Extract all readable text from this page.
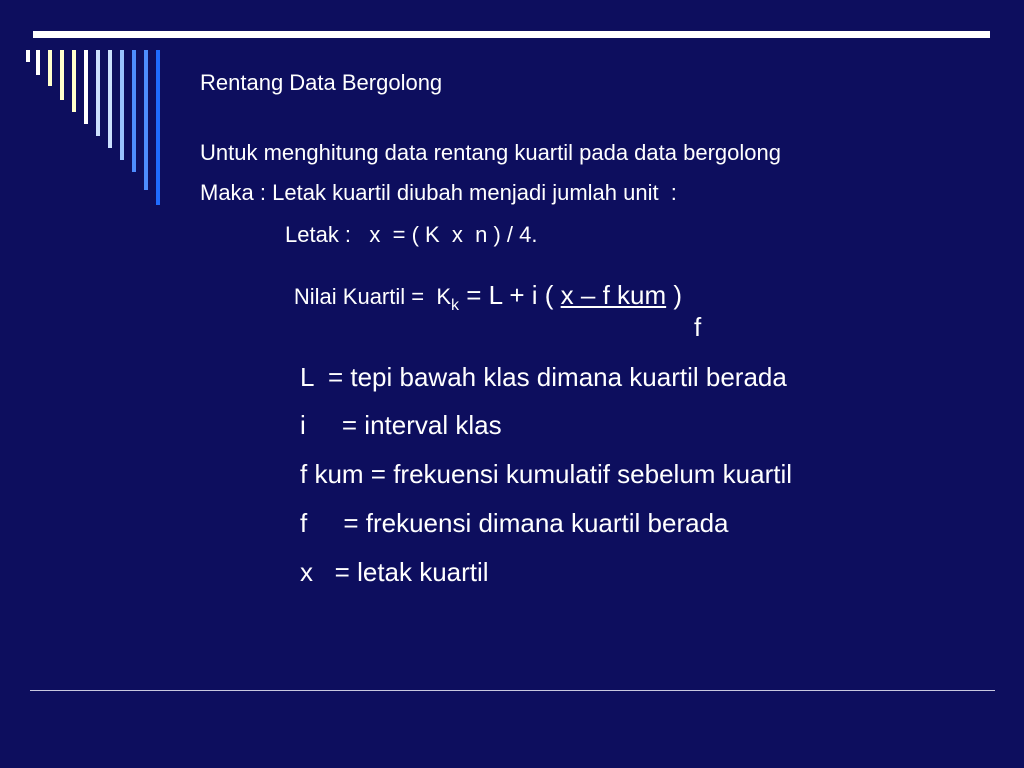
Rentang Data Bergolong
Untuk menghitung data rentang kuartil pada data bergolong
Maka : Letak kuartil diubah menjadi jumlah unit  :
Letak :   x  = ( K  x  n ) / 4.

Nilai Kuartil =  Kk = L + i ( x – f kum )

f
L  = tepi bawah klas dimana kuartil berada
i     = interval klas
f kum = frekuensi kumulatif sebelum kuartil
f     = frekuensi dimana kuartil berada
x   = letak kuartil
